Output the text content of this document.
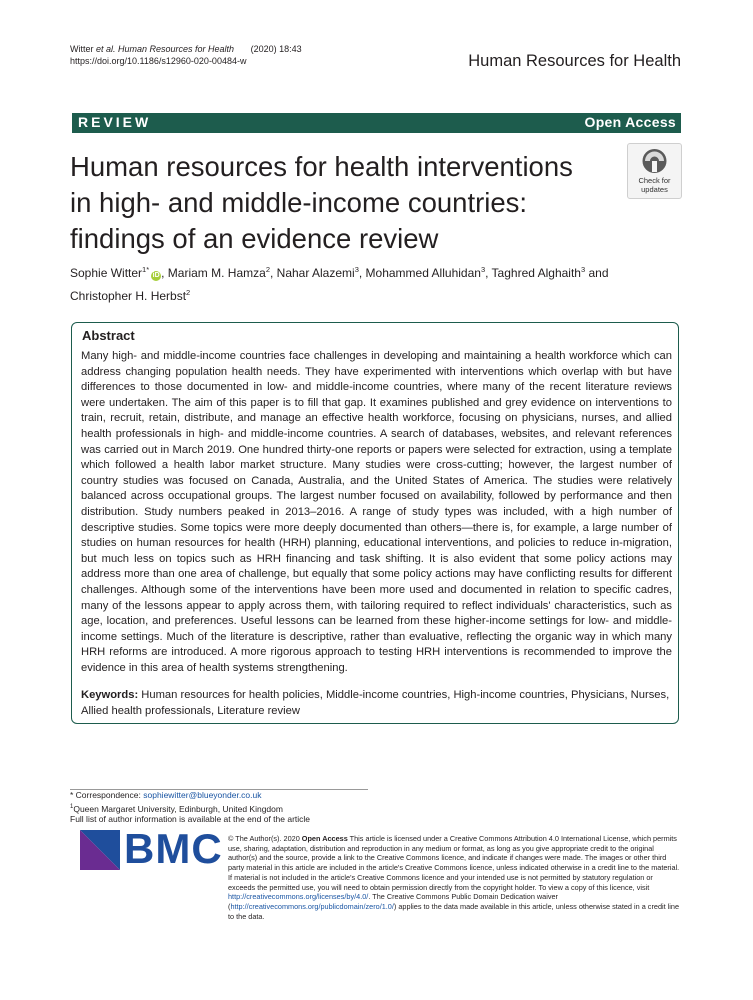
Witter et al. Human Resources for Health (2020) 18:43
https://doi.org/10.1186/s12960-020-00484-w	Human Resources for Health
REVIEW	Open Access
Human resources for health interventions
in high- and middle-income countries:
findings of an evidence review
Check for
updates
Sophie Witter$^{1*}$iD , Mariam M. Hamza$^2$, Nahar Alazemi$^3$, Mohammed Alluhidan$^3$, Taghred Alghaith$^3$ and
Christopher H. Herbst$^2$
Abstract
Many high- and middle-income countries face challenges in developing and maintaining a health workforce which can address changing population health needs. They have experimented with interventions which overlap with but have differences to those documented in low- and middle-income countries, where many of the recent literature reviews were undertaken. The aim of this paper is to fill that gap. It examines published and grey evidence on interventions to train, recruit, retain, distribute, and manage an effective health workforce, focusing on physicians, nurses, and allied health professionals in high- and middle-income countries. A search of databases, websites, and relevant references was carried out in March 2019. One hundred thirty-one reports or papers were selected for extraction, using a template which followed a health labor market structure. Many studies were cross-cutting; however, the largest number of country studies was focused on Canada, Australia, and the United States of America. The studies were relatively balanced across occupational groups. The largest number focused on availability, followed by performance and then distribution. Study numbers peaked in 2013–2016. A range of study types was included, with a high number of descriptive studies. Some topics were more deeply documented than others—there is, for example, a large number of studies on human resources for health (HRH) planning, educational interventions, and policies to reduce in-migration, but much less on topics such as HRH financing and task shifting. It is also evident that some policy actions may address more than one area of challenge, but equally that some policy actions may have conflicting results for different challenges. Although some of the interventions have been more used and documented in relation to specific cadres, many of the lessons appear to apply across them, with tailoring required to reflect individuals' characteristics, such as age, location, and preferences. Useful lessons can be learned from these higher-income settings for low- and middle-income settings. Much of the literature is descriptive, rather than evaluative, reflecting the organic way in which many HRH reforms are introduced. A more rigorous approach to testing HRH interventions is recommended to improve the evidence in this area of health systems strengthening.
Keywords: Human resources for health policies, Middle-income countries, High-income countries, Physicians, Nurses, Allied health professionals, Literature review
* Correspondence: sophiewitter@blueyonder.co.uk
$^1$Queen Margaret University, Edinburgh, United Kingdom
Full list of author information is available at the end of the article
BMC © The Author(s). 2020 Open Access This article is licensed under a Creative Commons Attribution 4.0 International License, which permits use, sharing, adaptation, distribution and reproduction in any medium or format, as long as you give appropriate credit to the original author(s) and the source, provide a link to the Creative Commons licence, and indicate if changes were made. The images or other third party material in this article are included in the article's Creative Commons licence, unless indicated otherwise in a credit line to the material. If material is not included in the article's Creative Commons licence and your intended use is not permitted by statutory regulation or exceeds the permitted use, you will need to obtain permission directly from the copyright holder. To view a copy of this licence, visit http://creativecommons.org/licenses/by/4.0/. The Creative Commons Public Domain Dedication waiver (http://creativecommons.org/publicdomain/zero/1.0/) applies to the data made available in this article, unless otherwise stated in a credit line to the data.
